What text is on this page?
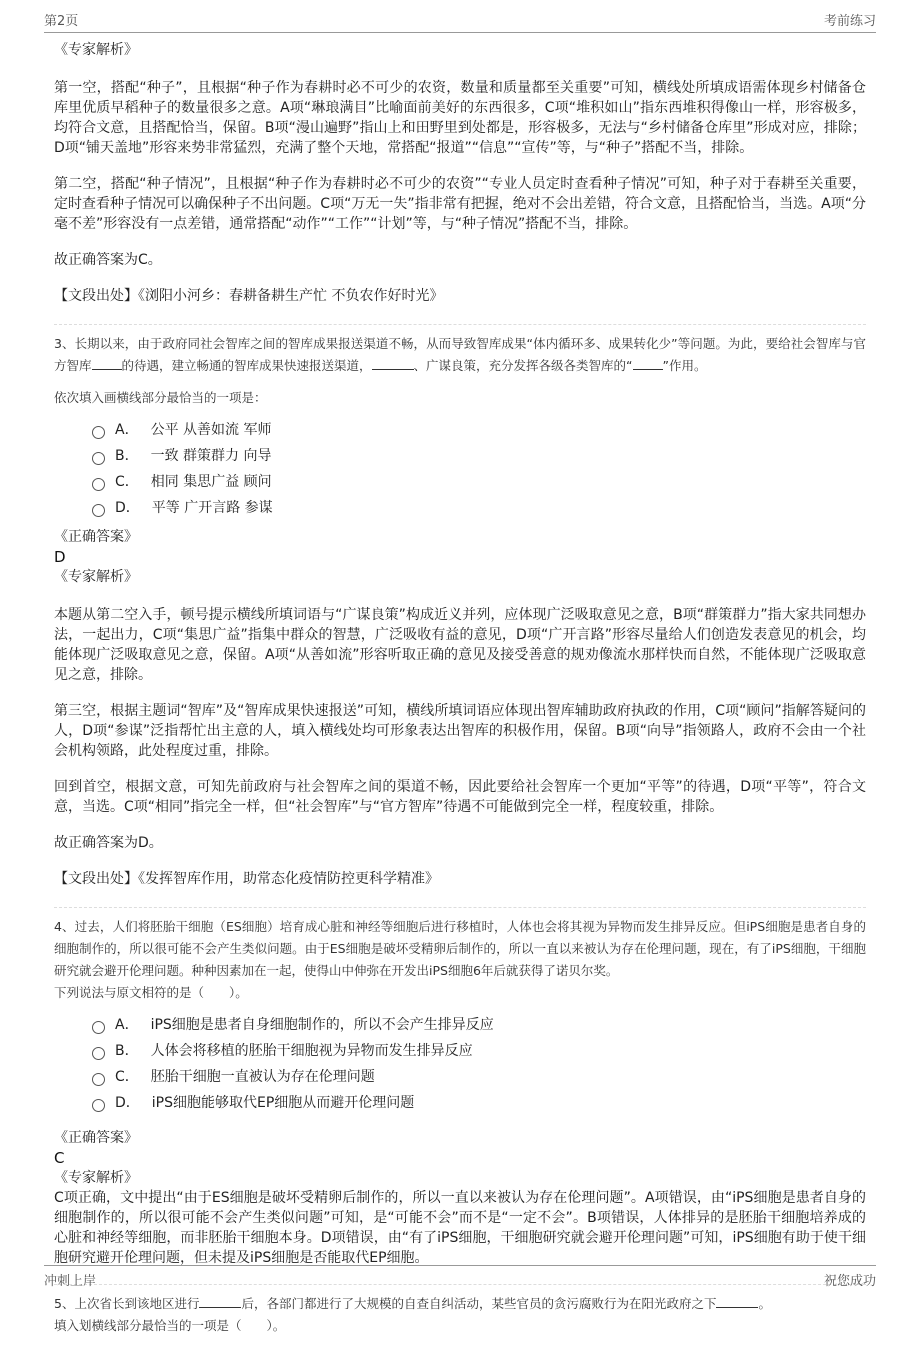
第2页	考前练习
《专家解析》

第一空，搭配“种子”，且根据“种子作为春耕时必不可少的农资，数量和质量都至关重要”可知，横线处所填成语需体现乡村储备仓库里优质早稻种子的数量很多之意。A项“琳琅满目”比喻面前美好的东西很多，C项“堆积如山”指东西堆积得像山一样，形容极多，均符合文意，且搭配恰当，保留。B项“漫山遍野”指山上和田野里到处都是，形容极多，无法与“乡村储备仓库里”形成对应，排除；D项“铺天盖地”形容来势非常猛烈，充满了整个天地，常搭配“报道”“信息”“宣传”等，与“种子”搭配不当，排除。

第二空，搭配“种子情况”，且根据“种子作为春耕时必不可少的农资”“专业人员定时查看种子情况”可知，种子对于春耕至关重要，定时查看种子情况可以确保种子不出问题。C项“万无一失”指非常有把握，绝对不会出差错，符合文意，且搭配恰当，当选。A项“分毫不差”形容没有一点差错，通常搭配“动作”“工作”“计划”等，与“种子情况”搭配不当，排除。

故正确答案为C。

【文段出处】《浏阳小河乡：春耕备耕生产忙 不负农作好时光》

3、长期以来，由于政府同社会智库之间的智库成果报送渠道不畅，从而导致智库成果“体内循环多、成果转化少”等问题。为此，要给社会智库与官方智库 的待遇，建立畅通的智库成果快速报送渠道，	、广谋良策，充分发挥各级各类智库的“ ”作用。

依次填入画横线部分最恰当的一项是：

A． 公平 从善如流 军师
B． 一致 群策群力 向导
C． 相同 集思广益 顾问
D． 平等 广开言路 参谋
《正确答案》

D

《专家解析》

本题从第二空入手，顿号提示横线所填词语与“广谋良策”构成近义并列，应体现广泛吸取意见之意，B项“群策群力”指大家共同想办法，一起出力，C项“集思广益”指集中群众的智慧，广泛吸收有益的意见，D项“广开言路”形容尽量给人们创造发表意见的机会，均能体现广泛吸取意见之意，保留。A项“从善如流”形容听取正确的意见及接受善意的规劝像流水那样快而自然，不能体现广泛吸取意见之意，排除。

第三空，根据主题词“智库”及“智库成果快速报送”可知，横线所填词语应体现出智库辅助政府执政的作用，C项“顾问”指解答疑问的人，D项“参谋”泛指帮忙出主意的人，填入横线处均可形象表达出智库的积极作用，保留。B项“向导”指领路人，政府不会由一个社会机构领路，此处程度过重，排除。

回到首空，根据文意，可知先前政府与社会智库之间的渠道不畅，因此要给社会智库一个更加“平等”的待遇，D项“平等”，符合文意，当选。C项“相同”指完全一样，但“社会智库”与“官方智库”待遇不可能做到完全一样，程度较重，排除。

故正确答案为D。

【文段出处】《发挥智库作用，助常态化疫情防控更科学精准》

4、过去，人们将胚胎干细胞（ES细胞）培育成心脏和神经等细胞后进行移植时，人体也会将其视为异物而发生排异反应。但iPS细胞是患者自身的细胞制作的，所以很可能不会产生类似问题。由于ES细胞是破坏受精卵后制作的，所以一直以来被认为存在伦理问题，现在，有了iPS细胞，干细胞研究就会避开伦理问题。种种因素加在一起，使得山中伸弥在开发出iPS细胞6年后就获得了诺贝尔奖。

下列说法与原文相符的是（　　）。

A． iPS细胞是患者自身细胞制作的，所以不会产生排异反应
B． 人体会将移植的胚胎干细胞视为异物而发生排异反应
C． 胚胎干细胞一直被认为存在伦理问题
D． iPS细胞能够取代EP细胞从而避开伦理问题
《正确答案》

C

《专家解析》

C项正确，文中提出“由于ES细胞是破坏受精卵后制作的，所以一直以来被认为存在伦理问题”。A项错误，由“iPS细胞是患者自身的细胞制作的，所以很可能不会产生类似问题”可知，是“可能不会”而不是“一定不会”。B项错误，人体排异的是胚胎干细胞培养成的心脏和神经等细胞，而非胚胎干细胞本身。D项错误，由“有了iPS细胞，干细胞研究就会避开伦理问题”可知，iPS细胞有助于使干细胞研究避开伦理问题，但未提及iPS细胞是否能取代EP细胞。

5、上次省长到该地区进行	后，各部门都进行了大规模的自查自纠活动，某些官员的贪污腐败行为在阳光政府之下	。

填入划横线部分最恰当的一项是（　　）。

冲刺上岸	祝您成功
